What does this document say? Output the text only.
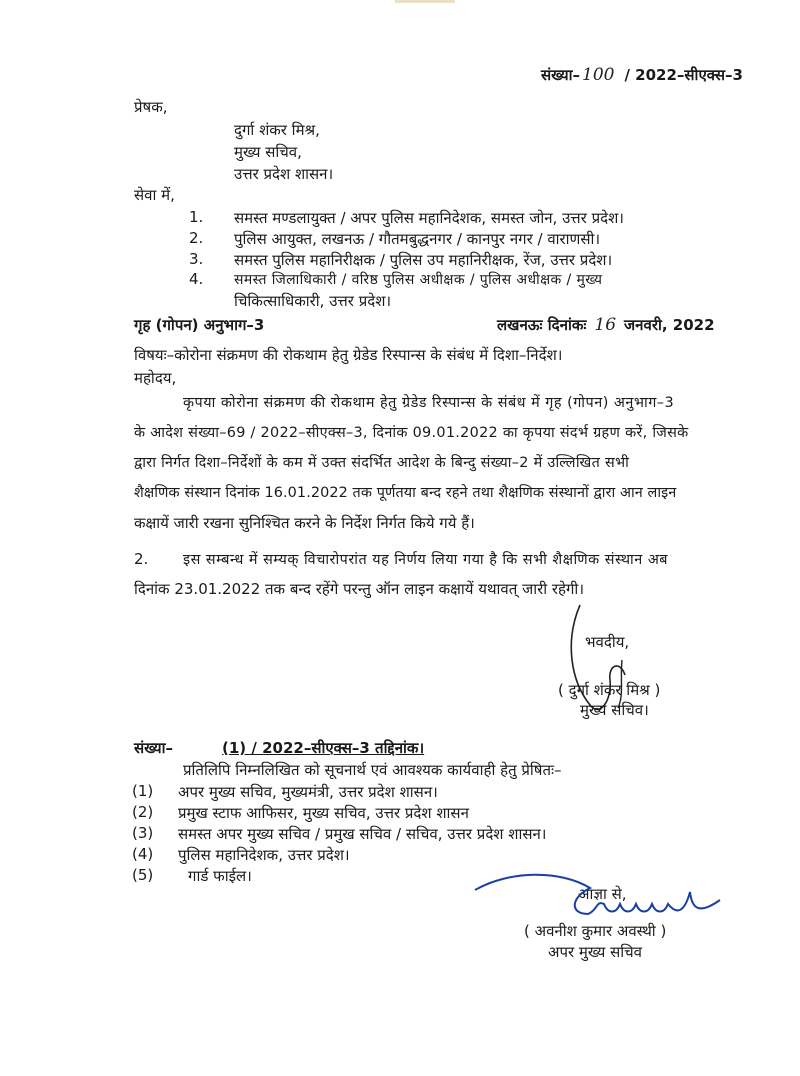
संख्या– 100 / 2022–सीएक्स–3
प्रेषक,
दुर्गा शंकर मिश्र,
मुख्य सचिव,
उत्तर प्रदेश शासन।
सेवा में,
1. समस्त मण्डलायुक्त / अपर पुलिस महानिदेशक, समस्त जोन, उत्तर प्रदेश।
2. पुलिस आयुक्त, लखनऊ / गौतमबुद्धनगर / कानपुर नगर / वाराणसी।
3. समस्त पुलिस महानिरीक्षक / पुलिस उप महानिरीक्षक, रेंज, उत्तर प्रदेश।
4. समस्त जिलाधिकारी / वरिष्ठ पुलिस अधीक्षक / पुलिस अधीक्षक / मुख्य
चिकित्साधिकारी, उत्तर प्रदेश।
गृह (गोपन) अनुभाग–3	लखनऊः दिनांकः 16 जनवरी, 2022
विषयः–कोरोना संक्रमण की रोकथाम हेतु ग्रेडेड रिस्पान्स के संबंध में दिशा–निर्देश।
महोदय,
कृपया कोरोना संक्रमण की रोकथाम हेतु ग्रेडेड रिस्पान्स के संबंध में गृह (गोपन) अनुभाग–3
के आदेश संख्या–69 / 2022–सीएक्स–3, दिनांक 09.01.2022 का कृपया संदर्भ ग्रहण करें, जिसके
द्वारा निर्गत दिशा–निर्देशों के कम में उक्त संदर्भित आदेश के बिन्दु संख्या–2 में उल्लिखित सभी
शैक्षणिक संस्थान दिनांक 16.01.2022 तक पूर्णतया बन्द रहने तथा शैक्षणिक संस्थानों द्वारा आन लाइन
कक्षायें जारी रखना सुनिश्चित करने के निर्देश निर्गत किये गये हैं।
2. इस सम्बन्ध में सम्यक् विचारोपरांत यह निर्णय लिया गया है कि सभी शैक्षणिक संस्थान अब
दिनांक 23.01.2022 तक बन्द रहेंगे परन्तु ऑन लाइन कक्षायें यथावत् जारी रहेगी।
भवदीय,
( दुर्गा शंकर मिश्र )
मुख्य सचिव।
संख्या–	(1) / 2022–सीएक्स–3 तद्दिनांक।
प्रतिलिपि निम्नलिखित को सूचनार्थ एवं आवश्यक कार्यवाही हेतु प्रेषितः–
(1) अपर मुख्य सचिव, मुख्यमंत्री, उत्तर प्रदेश शासन।
(2) प्रमुख स्टाफ आफिसर, मुख्य सचिव, उत्तर प्रदेश शासन
(3) समस्त अपर मुख्य सचिव / प्रमुख सचिव / सचिव, उत्तर प्रदेश शासन।
(4) पुलिस महानिदेशक, उत्तर प्रदेश।
(5) गार्ड फाईल।
आज्ञा से,
( अवनीश कुमार अवस्थी )
अपर मुख्य सचिव
